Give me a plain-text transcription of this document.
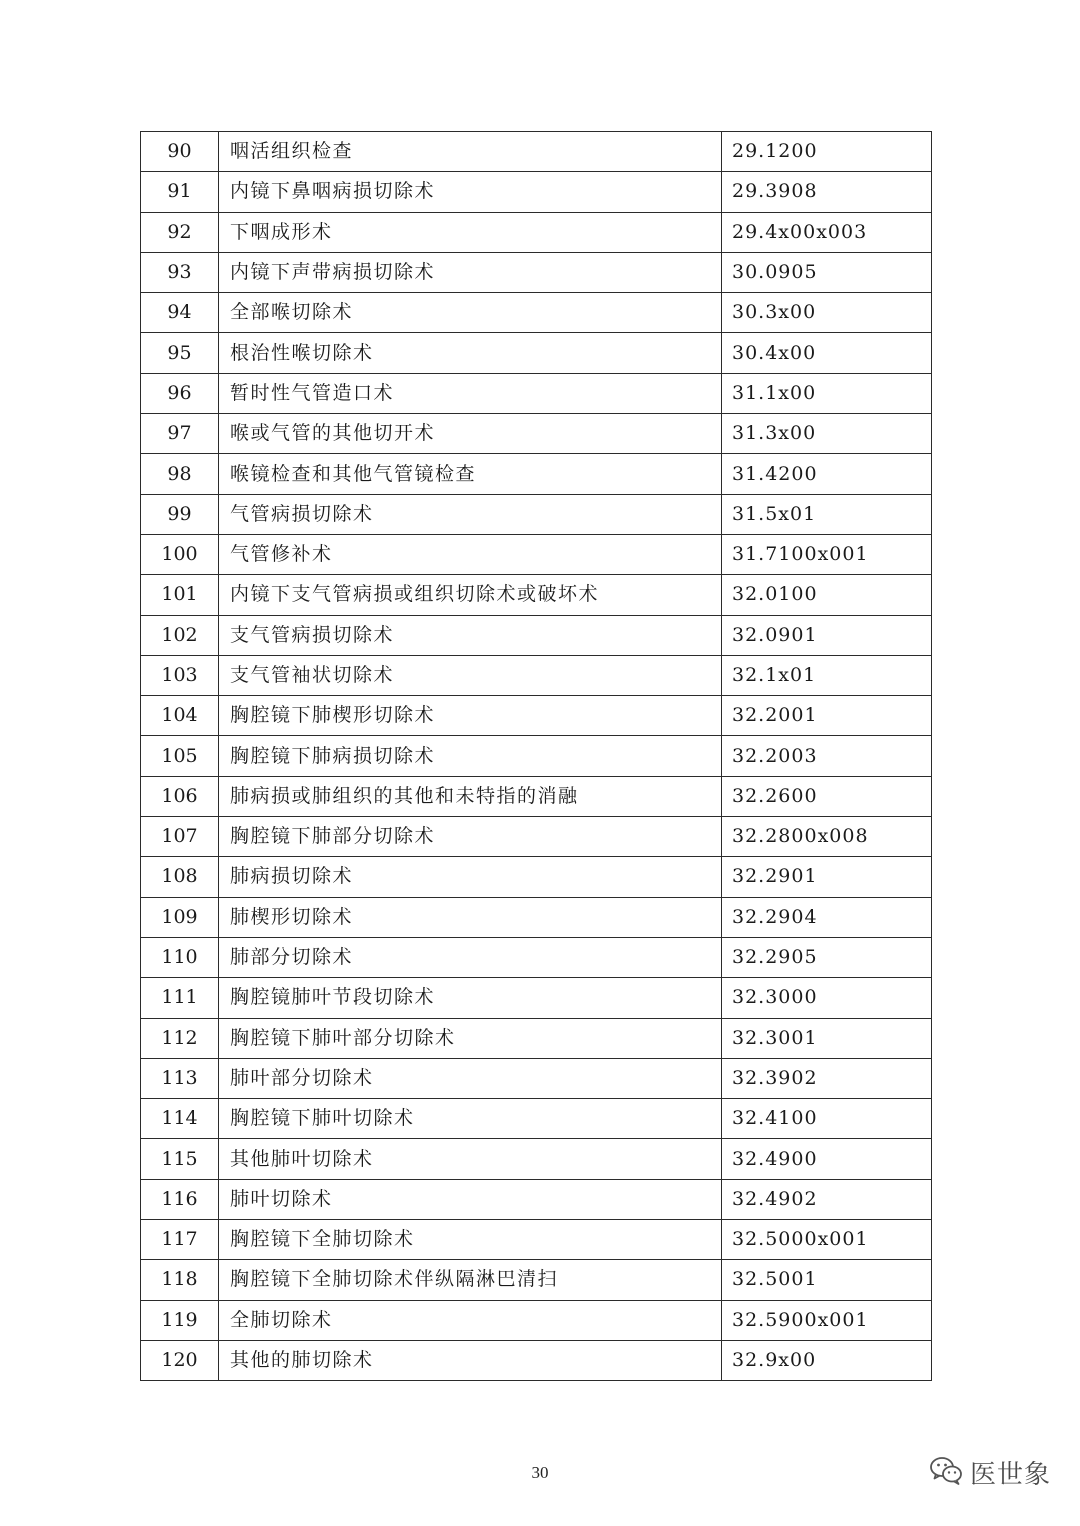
90	咽活组织检查	29.1200
91	内镜下鼻咽病损切除术	29.3908
92	下咽成形术	29.4x00x003
93	内镜下声带病损切除术	30.0905
94	全部喉切除术	30.3x00
95	根治性喉切除术	30.4x00
96	暂时性气管造口术	31.1x00
97	喉或气管的其他切开术	31.3x00
98	喉镜检查和其他气管镜检查	31.4200
99	气管病损切除术	31.5x01
100	气管修补术	31.7100x001
101	内镜下支气管病损或组织切除术或破坏术	32.0100
102	支气管病损切除术	32.0901
103	支气管袖状切除术	32.1x01
104	胸腔镜下肺楔形切除术	32.2001
105	胸腔镜下肺病损切除术	32.2003
106	肺病损或肺组织的其他和未特指的消融	32.2600
107	胸腔镜下肺部分切除术	32.2800x008
108	肺病损切除术	32.2901
109	肺楔形切除术	32.2904
110	肺部分切除术	32.2905
111	胸腔镜肺叶节段切除术	32.3000
112	胸腔镜下肺叶部分切除术	32.3001
113	肺叶部分切除术	32.3902
114	胸腔镜下肺叶切除术	32.4100
115	其他肺叶切除术	32.4900
116	肺叶切除术	32.4902
117	胸腔镜下全肺切除术	32.5000x001
118	胸腔镜下全肺切除术伴纵隔淋巴清扫	32.5001
119	全肺切除术	32.5900x001
120	其他的肺切除术	32.9x00
30	医世象
